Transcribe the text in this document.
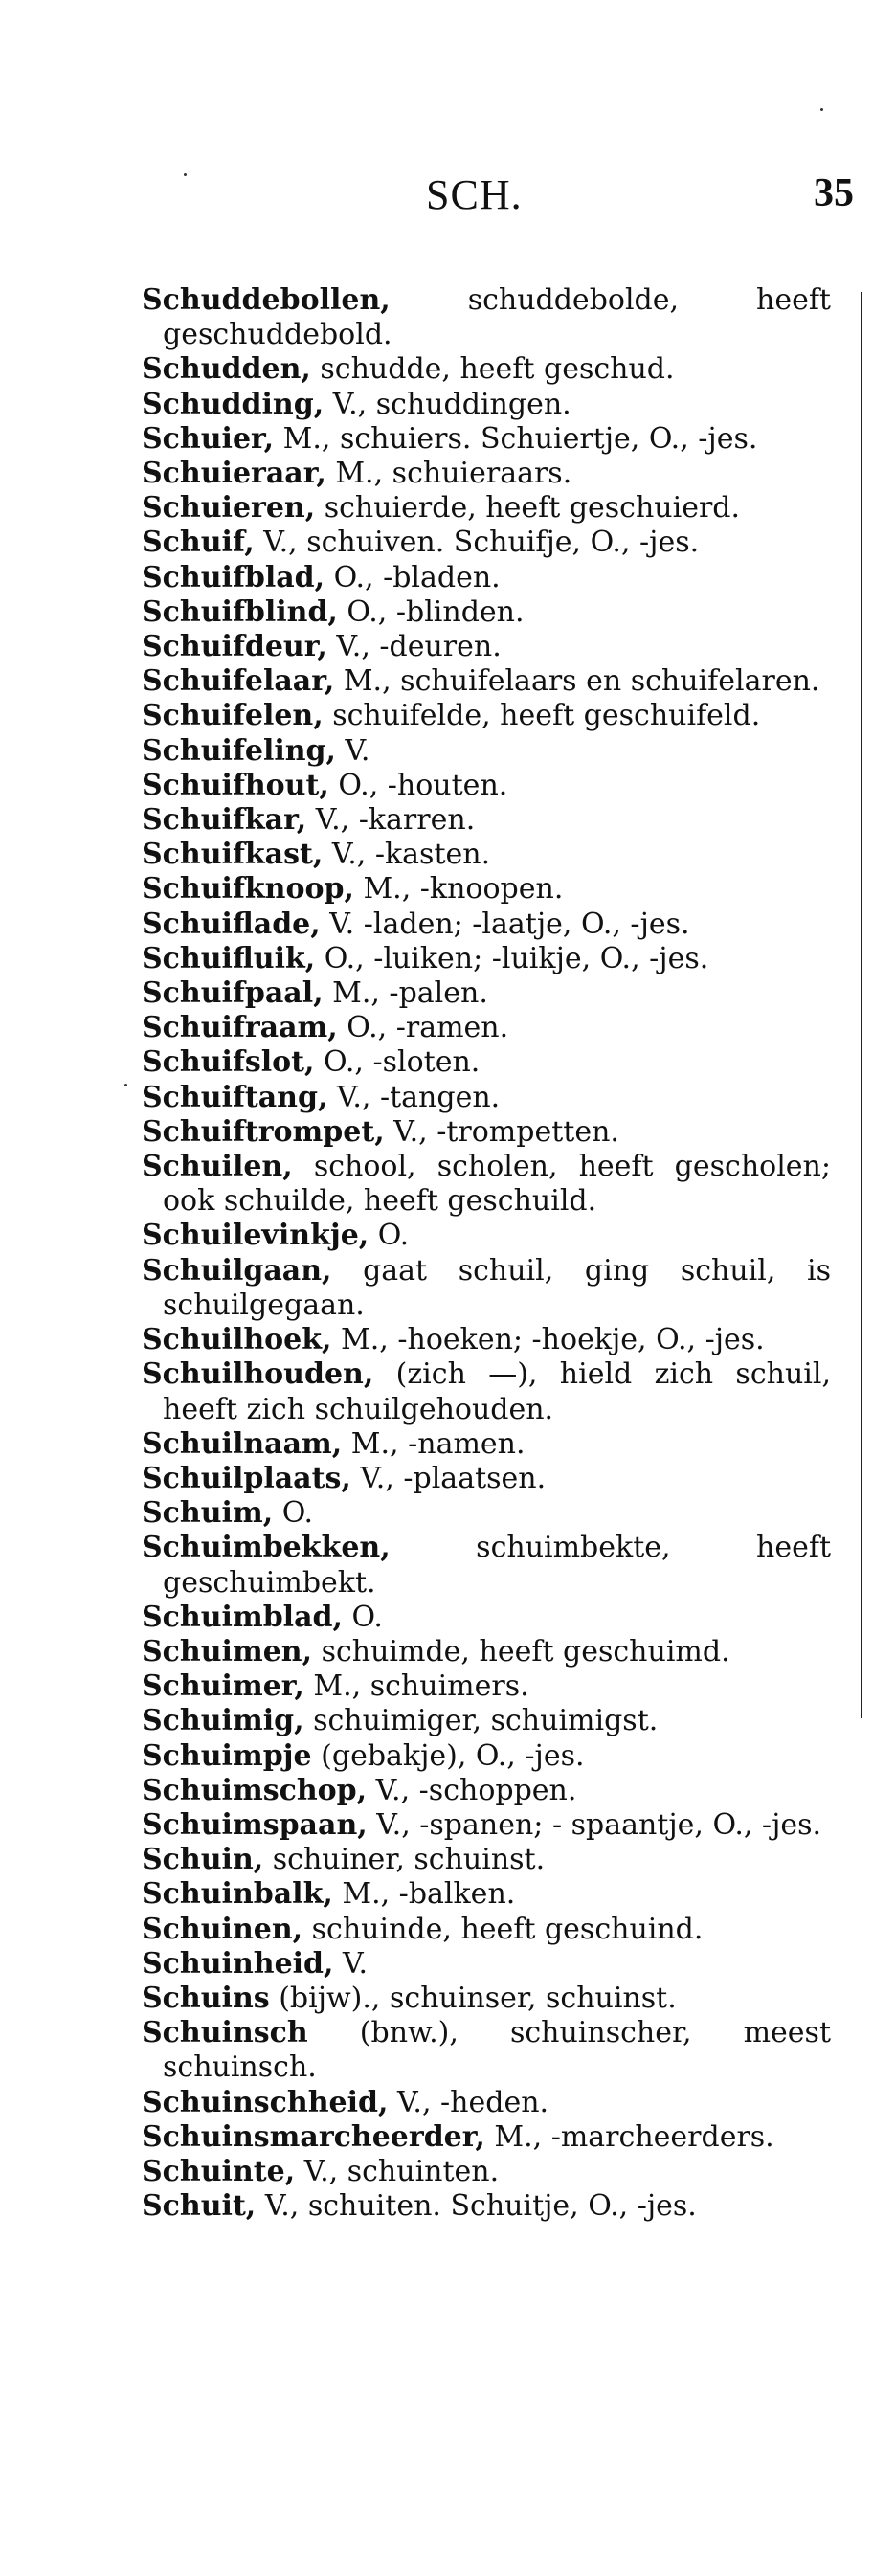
SCH.	35
Schuddebollen,	schuddebolde, heeft geschuddebold.
Schudden, schudde, heeft geschud.
Schudding, V., schuddingen.
Schuier, M., schuiers. Schuiertje, O., -jes.
Schuieraar, M., schuieraars.
Schuieren, schuierde, heeft geschuierd.
Schuif, V., schuiven. Schuifje, O., -jes.
Schuifblad, O., -bladen.
Schuifblind, O., -blinden.
Schuifdeur, V., -deuren.
Schuifelaar, M., schuifelaars en schuifelaren.
Schuifelen, schuifelde, heeft geschuifeld.
Schuifeling, V.
Schuifhout, O., -houten.
Schuifkar, V., -karren.
Schuifkast, V., -kasten.
Schuifknoop, M., -knoopen.
Schuiflade, V. -laden; -laatje, O., -jes.
Schuifluik, O., -luiken; -luikje, O., -jes.
Schuifpaal, M., -palen.
Schuifraam, O., -ramen.
Schuifslot, O., -sloten.
Schuiftang, V., -tangen.
Schuiftrompet, V., -trompetten.
Schuilen, school, scholen, heeft gescholen; ook schuilde, heeft geschuild.
Schuilevinkje, O.
Schuilgaan, gaat schuil, ging schuil, is schuilgegaan.
Schuilhoek, M., -hoeken; -hoekje, O., -jes.
Schuilhouden, (zich —), hield zich schuil, heeft zich schuilgehouden.
Schuilnaam, M., -namen.
Schuilplaats, V., -plaatsen.
Schuim, O.
Schuimbekken,	schuimbekte, heeft geschuimbekt.
Schuimblad, O.
Schuimen, schuimde, heeft geschuimd.
Schuimer, M., schuimers.
Schuimig, schuimiger, schuimigst.
Schuimpje (gebakje), O., -jes.
Schuimschop, V., -schoppen.
Schuimspaan, V., -spanen; - spaantje, O., -jes.
Schuin, schuiner, schuinst.
Schuinbalk, M., -balken.
Schuinen, schuinde, heeft geschuind.
Schuinheid, V.
Schuins (bijw)., schuinser, schuinst.
Schuinsch (bnw.), schuinscher, meest schuinsch.
Schuinschheid, V., -heden.
Schuinsmarcheerder, M., -marcheerders.
Schuinte, V., schuinten.
Schuit, V., schuiten. Schuitje, O., -jes.
